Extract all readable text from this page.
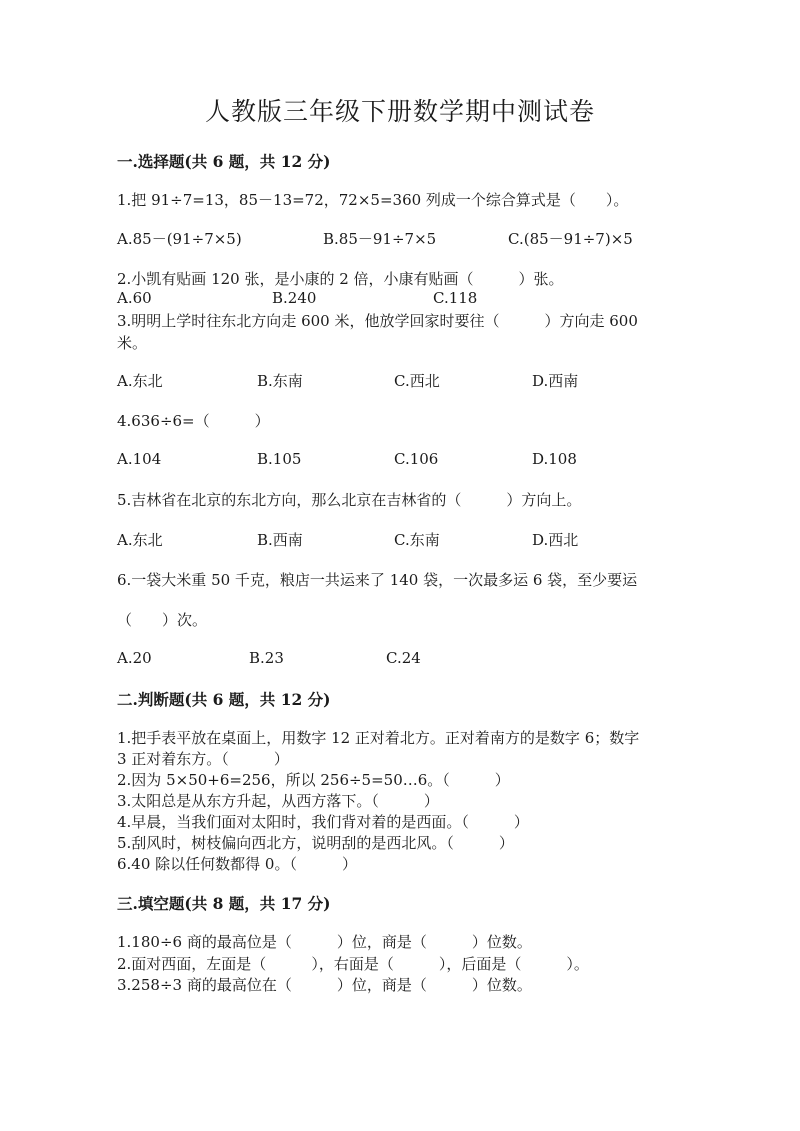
人教版三年级下册数学期中测试卷
一.选择题(共 6 题，共 12 分)
1.把 91÷7=13，85－13=72，72×5=360 列成一个综合算式是（　　）。
A.85－(91÷7×5)	B.85－91÷7×5	C.(85－91÷7)×5
2.小凯有贴画 120 张，是小康的 2 倍，小康有贴画（　　　）张。
A.60	B.240	C.118
3.明明上学时往东北方向走 600 米，他放学回家时要往（　　　）方向走 600
米。
A.东北	B.东南	C.西北	D.西南
4.636÷6=（　　　）
A.104	B.105	C.106	D.108
5.吉林省在北京的东北方向，那么北京在吉林省的（　　　）方向上。
A.东北	B.西南	C.东南	D.西北
6.一袋大米重 50 千克，粮店一共运来了 140 袋，一次最多运 6 袋，至少要运
（　　）次。
A.20	B.23	C.24
二.判断题(共 6 题，共 12 分)
1.把手表平放在桌面上，用数字 12 正对着北方。正对着南方的是数字 6；数字
3 正对着东方。（　　　）
2.因为 5×50+6=256，所以 256÷5=50…6。（　　　）
3.太阳总是从东方升起，从西方落下。（　　　）
4.早晨，当我们面对太阳时，我们背对着的是西面。（　　　）
5.刮风时，树枝偏向西北方，说明刮的是西北风。（　　　）
6.40 除以任何数都得 0。（　　　）
三.填空题(共 8 题，共 17 分)
1.180÷6 商的最高位是（　　　）位，商是（　　　）位数。
2.面对西面，左面是（　　　），右面是（　　　），后面是（　　　）。
3.258÷3 商的最高位在（　　　）位，商是（　　　）位数。
